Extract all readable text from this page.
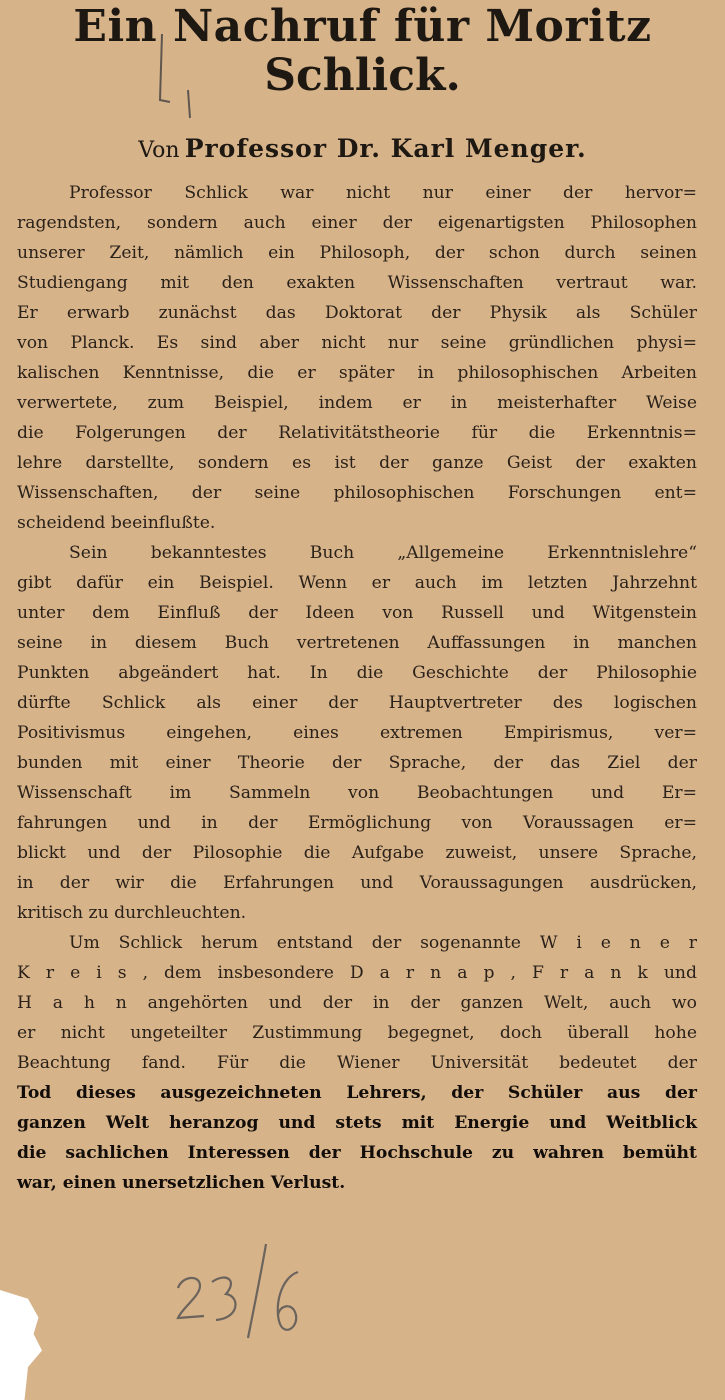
Ein Nachruf für Moritz
Schlick.
Von Professor Dr. Karl Menger.
Professor Schlick war nicht nur einer der hervor=
ragendsten, sondern auch einer der eigenartigsten Philosophen
unserer Zeit, nämlich ein Philosoph, der schon durch seinen
Studiengang mit den exakten Wissenschaften vertraut war.
Er erwarb zunächst das Doktorat der Physik als Schüler
von Planck. Es sind aber nicht nur seine gründlichen physi=
kalischen Kenntnisse, die er später in philosophischen Arbeiten
verwertete, zum Beispiel, indem er in meisterhafter Weise
die Folgerungen der Relativitätstheorie für die Erkenntnis=
lehre darstellte, sondern es ist der ganze Geist der exakten
Wissenschaften, der seine philosophischen Forschungen ent=
scheidend beeinflußte.
Sein bekanntestes Buch „Allgemeine Erkenntnislehre“
gibt dafür ein Beispiel. Wenn er auch im letzten Jahrzehnt
unter dem Einfluß der Ideen von Russell und Witgenstein
seine in diesem Buch vertretenen Auffassungen in manchen
Punkten abgeändert hat. In die Geschichte der Philosophie
dürfte Schlick als einer der Hauptvertreter des logischen
Positivismus eingehen, eines extremen Empirismus, ver=
bunden mit einer Theorie der Sprache, der das Ziel der
Wissenschaft im Sammeln von Beobachtungen und Er=
fahrungen und in der Ermöglichung von Voraussagen er=
blickt und der Pilosophie die Aufgabe zuweist, unsere Sprache,
in der wir die Erfahrungen und Voraussagungen ausdrücken,
kritisch zu durchleuchten.
Um Schlick herum entstand der sogenannte W i e n e r
K r e i s , dem insbesondere D a r n a p , F r a n k und
H a h n angehörten und der in der ganzen Welt, auch wo
er nicht ungeteilter Zustimmung begegnet, doch überall hohe
Beachtung fand. Für die Wiener Universität bedeutet der
Tod dieses ausgezeichneten Lehrers, der Schüler aus der
ganzen Welt heranzog und stets mit Energie und Weitblick
die sachlichen Interessen der Hochschule zu wahren bemüht
war, einen unersetzlichen Verlust.
